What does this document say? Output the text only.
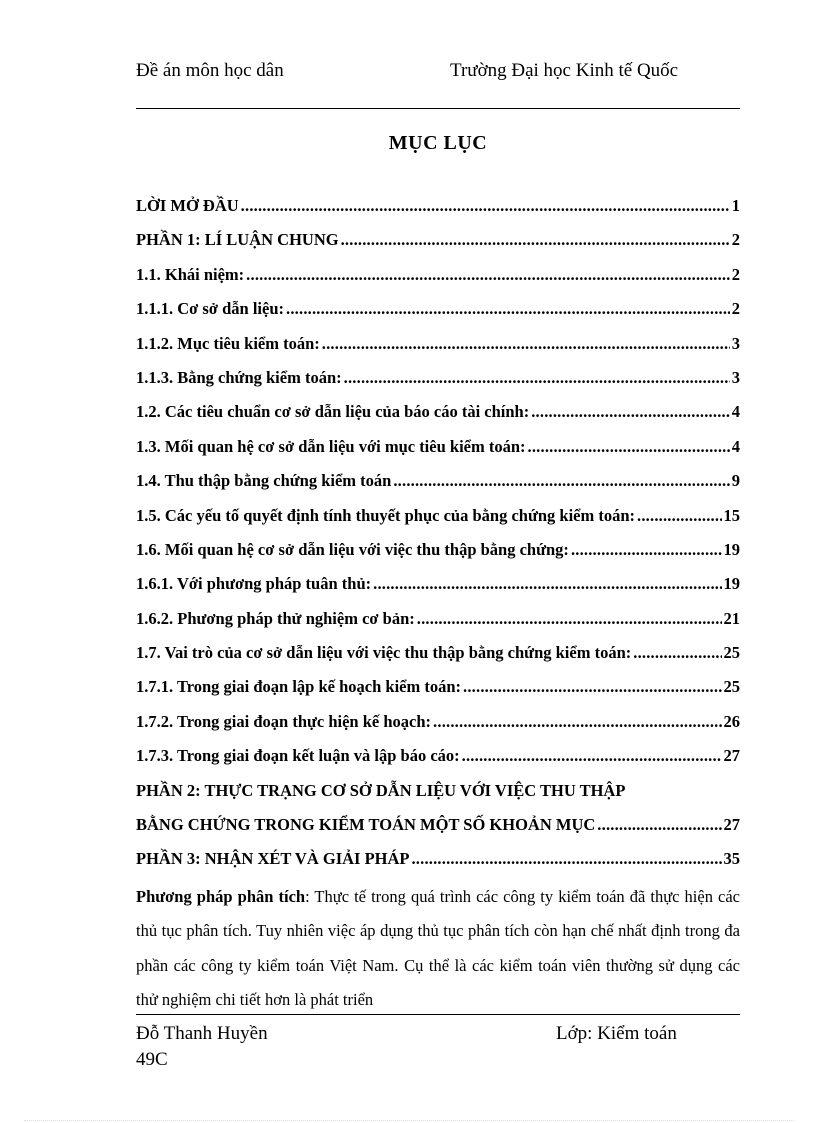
Đề án môn học dân	Trường Đại học Kinh tế Quốc
MỤC LỤC
LỜI MỞ ĐẦU .....	1
PHẦN 1: LÍ LUẬN CHUNG .....	2
1.1. Khái niệm: .....	2
1.1.1. Cơ sở dẫn liệu: .....	2
1.1.2. Mục tiêu kiểm toán: .....	3
1.1.3. Bằng chứng kiểm toán: .....	3
1.2. Các tiêu chuẩn cơ sở dẫn liệu của báo cáo tài chính: .....	4
1.3. Mối quan hệ cơ sở dẫn liệu với mục tiêu kiểm toán: .....	4
1.4. Thu thập bằng chứng kiểm toán .....	9
1.5. Các yếu tố quyết định tính thuyết phục của bằng chứng kiểm toán: .....	15
1.6. Mối quan hệ cơ sở dẫn liệu với việc thu thập bằng chứng: .....	19
1.6.1. Với phương pháp tuân thủ: .....	19
1.6.2. Phương pháp thử nghiệm cơ bản: .....	21
1.7. Vai trò của cơ sở dẫn liệu với việc thu thập bằng chứng kiểm toán: .....	25
1.7.1. Trong giai đoạn lập kế hoạch kiểm toán: .....	25
1.7.2. Trong giai đoạn thực hiện kế hoạch: .....	26
1.7.3. Trong giai đoạn kết luận và lập báo cáo: .....	27
PHẦN 2: THỰC TRẠNG CƠ SỞ DẪN LIỆU VỚI VIỆC THU THẬP
BẰNG CHỨNG TRONG KIỂM TOÁN MỘT SỐ KHOẢN MỤC .....	27
PHẦN 3: NHẬN XÉT VÀ GIẢI PHÁP .....	35
Phương pháp phân tích: Thực tế trong quá trình các công ty kiểm toán đã thực hiện các thủ tục phân tích. Tuy nhiên việc áp dụng thủ tục phân tích còn hạn chế nhất định trong đa phần các công ty kiểm toán Việt Nam. Cụ thể là các kiểm toán viên thường sử dụng các thử nghiệm chi tiết hơn là phát triển
Đỗ Thanh Huyền 49C
Lớp: Kiểm toán
